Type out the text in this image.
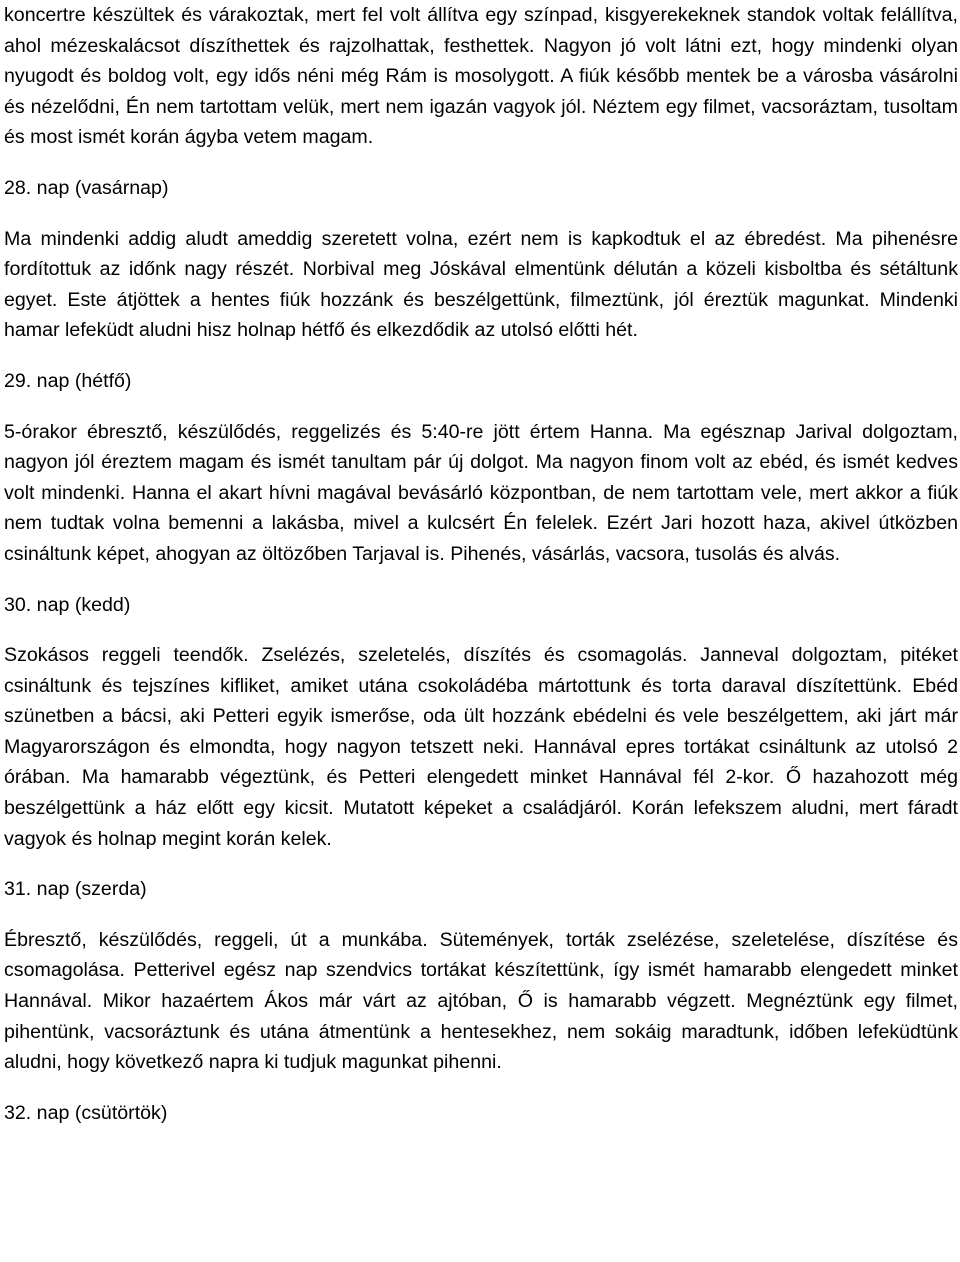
koncertre készültek és várakoztak, mert fel volt állítva egy színpad, kisgyerekeknek standok voltak felállítva, ahol mézeskalácsot díszíthettek és rajzolhattak, festhettek. Nagyon jó volt látni ezt, hogy mindenki olyan nyugodt és boldog volt, egy idős néni még Rám is mosolygott. A fiúk később mentek be a városba vásárolni és nézelődni, Én nem tartottam velük, mert nem igazán vagyok jól. Néztem egy filmet, vacsoráztam, tusoltam és most ismét korán ágyba vetem magam.

28. nap (vasárnap)

Ma mindenki addig aludt ameddig szeretett volna, ezért nem is kapkodtuk el az ébredést. Ma pihenésre fordítottuk az időnk nagy részét. Norbival meg Jóskával elmentünk délután a közeli kisboltba és sétáltunk egyet. Este átjöttek a hentes fiúk hozzánk és beszélgettünk, filmeztünk, jól éreztük magunkat. Mindenki hamar lefeküdt aludni hisz holnap hétfő és elkezdődik az utolsó előtti hét.

29. nap (hétfő)

5-órakor ébresztő, készülődés, reggelizés és 5:40-re jött értem Hanna. Ma egésznap Jarival dolgoztam, nagyon jól éreztem magam és ismét tanultam pár új dolgot. Ma nagyon finom volt az ebéd, és ismét kedves volt mindenki. Hanna el akart hívni magával bevásárló központban, de nem tartottam vele, mert akkor a fiúk nem tudtak volna bemenni a lakásba, mivel a kulcsért Én felelek. Ezért Jari hozott haza, akivel útközben csináltunk képet, ahogyan az öltözőben Tarjaval is. Pihenés, vásárlás, vacsora, tusolás és alvás.

30. nap (kedd)

Szokásos reggeli teendők. Zselézés, szeletelés, díszítés és csomagolás. Janneval dolgoztam, pitéket csináltunk és tejszínes kifliket, amiket utána csokoládéba mártottunk és torta daraval díszítettünk. Ebéd szünetben a bácsi, aki Petteri egyik ismerőse, oda ült hozzánk ebédelni és vele beszélgettem, aki járt már Magyarországon és elmondta, hogy nagyon tetszett neki. Hannával epres tortákat csináltunk az utolsó 2 órában. Ma hamarabb végeztünk, és Petteri elengedett minket Hannával fél 2-kor. Ő hazahozott még beszélgettünk a ház előtt egy kicsit. Mutatott képeket a családjáról. Korán lefekszem aludni, mert fáradt vagyok és holnap megint korán kelek.

31. nap (szerda)

Ébresztő, készülődés, reggeli, út a munkába. Sütemények, torták zselézése, szeletelése, díszítése és csomagolása. Petterivel egész nap szendvics tortákat készítettünk, így ismét hamarabb elengedett minket Hannával. Mikor hazaértem Ákos már várt az ajtóban, Ő is hamarabb végzett. Megnéztünk egy filmet, pihentünk, vacsoráztunk és utána átmentünk a hentesekhez, nem sokáig maradtunk, időben lefeküdtünk aludni, hogy következő napra ki tudjuk magunkat pihenni.

32. nap (csütörtök)
